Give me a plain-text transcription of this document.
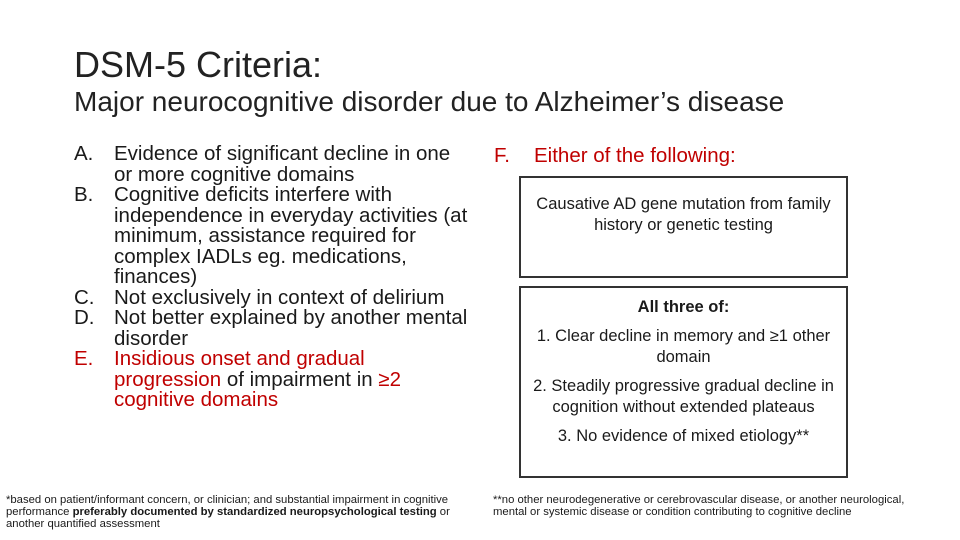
DSM-5 Criteria:
Major neurocognitive disorder due to Alzheimer’s disease
A. Evidence of significant decline in one or more cognitive domains
B. Cognitive deficits interfere with independence in everyday activities (at minimum, assistance required for complex IADLs eg. medications, finances)
C. Not exclusively in context of delirium
D. Not better explained by another mental disorder
E. Insidious onset and gradual progression of impairment in ≥2 cognitive domains
F. Either of the following:
Causative AD gene mutation from family history or genetic testing
All three of:
1. Clear decline in memory and ≥1 other domain
2. Steadily progressive gradual decline in cognition without extended plateaus
3. No evidence of mixed etiology**
*based on patient/informant concern, or clinician; and substantial impairment in cognitive performance preferably documented by standardized neuropsychological testing or another quantified assessment
**no other neurodegenerative or cerebrovascular disease, or another neurological, mental or systemic disease or condition contributing to cognitive decline
